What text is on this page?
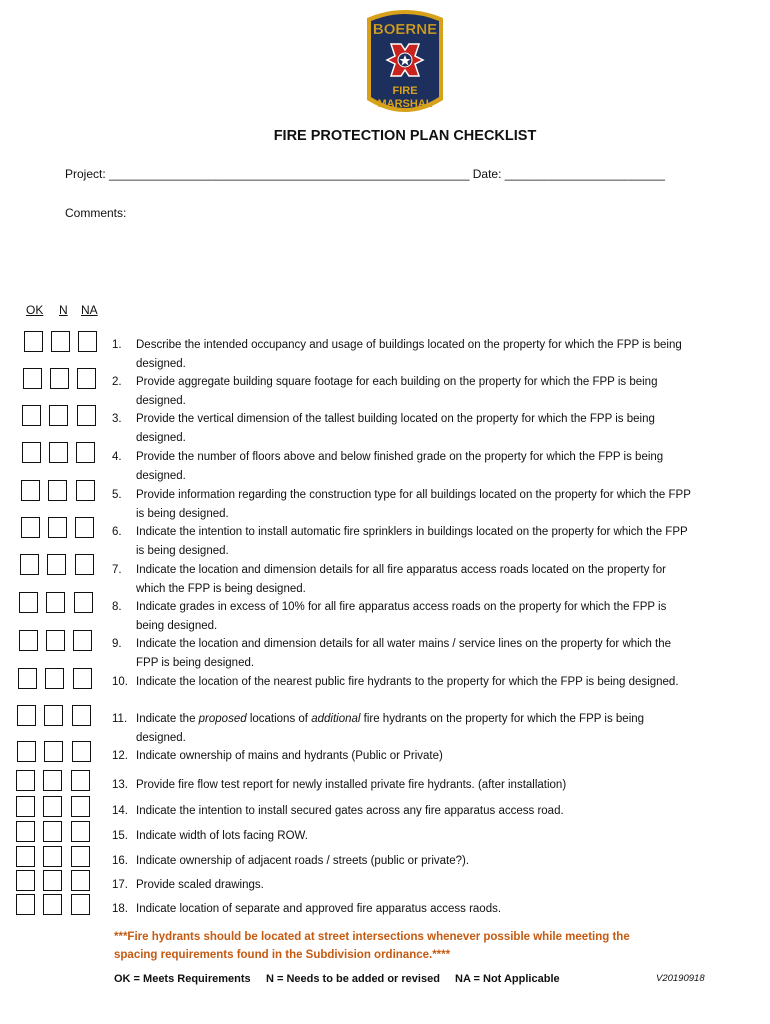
BOERNE
FIRE
MARSHAL
FIRE PROTECTION PLAN CHECKLIST
Project: ______________________________________________________ Date: ________________________
Comments:
OK N NA
1. Describe the intended occupancy and usage of buildings located on the property for which the FPP is being designed.
2. Provide aggregate building square footage for each building on the property for which the FPP is being designed.
3. Provide the vertical dimension of the tallest building located on the property for which the FPP is being designed.
4. Provide the number of floors above and below finished grade on the property for which the FPP is being designed.
5. Provide information regarding the construction type for all buildings located on the property for which the FPP is being designed.
6. Indicate the intention to install automatic fire sprinklers in buildings located on the property for which the FPP is being designed.
7. Indicate the location and dimension details for all fire apparatus access roads located on the property for which the FPP is being designed.
8. Indicate grades in excess of 10% for all fire apparatus access roads on the property for which the FPP is being designed.
9. Indicate the location and dimension details for all water mains / service lines on the property for which the FPP is being designed.
10. Indicate the location of the nearest public fire hydrants to the property for which the FPP is being designed.
11. Indicate the proposed locations of additional fire hydrants on the property for which the FPP is being designed.
12. Indicate ownership of mains and hydrants (Public or Private)
13. Provide fire flow test report for newly installed private fire hydrants. (after installation)
14. Indicate the intention to install secured gates across any fire apparatus access road.
15. Indicate width of lots facing ROW.
16. Indicate ownership of adjacent roads / streets (public or private?).
17. Provide scaled drawings.
18. Indicate location of separate and approved fire apparatus access raods.
***Fire hydrants should be located at street intersections whenever possible while meeting the spacing requirements found in the Subdivision ordinance.****
OK = Meets Requirements N = Needs to be added or revised NA = Not Applicable	V20190918
